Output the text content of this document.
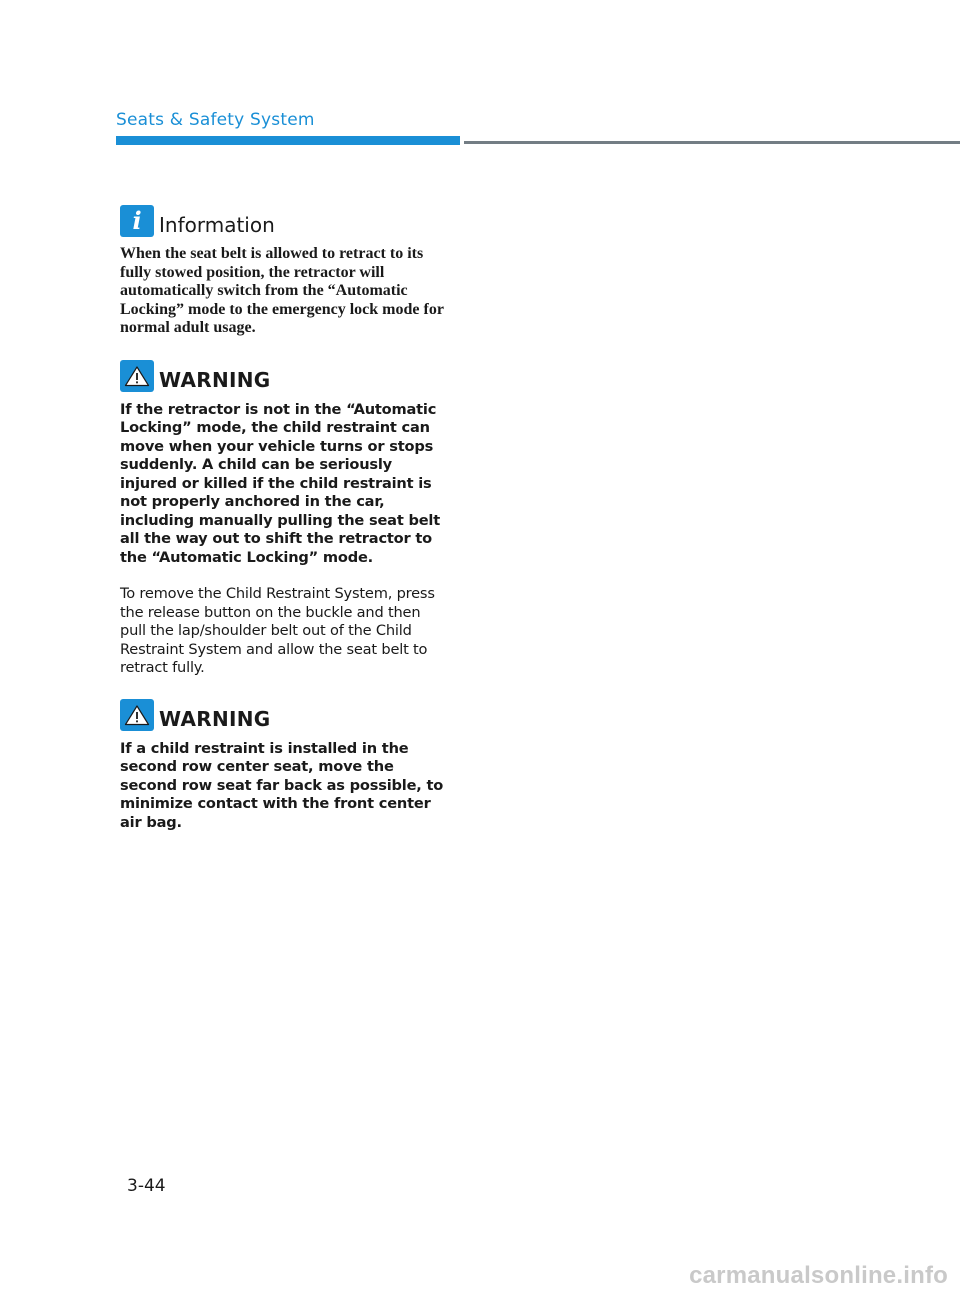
Seats & Safety System
i Information
When the seat belt is allowed to retract to its fully stowed position, the retractor will automatically switch from the “Automatic Locking” mode to the emergency lock mode for normal adult usage.
WARNING
If the retractor is not in the “Automatic Locking” mode, the child restraint can move when your vehicle turns or stops suddenly. A child can be seriously injured or killed if the child restraint is not properly anchored in the car, including manually pulling the seat belt all the way out to shift the retractor to the “Automatic Locking” mode.
To remove the Child Restraint System, press the release button on the buckle and then pull the lap/shoulder belt out of the Child Restraint System and allow the seat belt to retract fully.
WARNING
If a child restraint is installed in the second row center seat, move the second row seat far back as possible, to minimize contact with the front center air bag.
3-44
carmanualsonline.info
